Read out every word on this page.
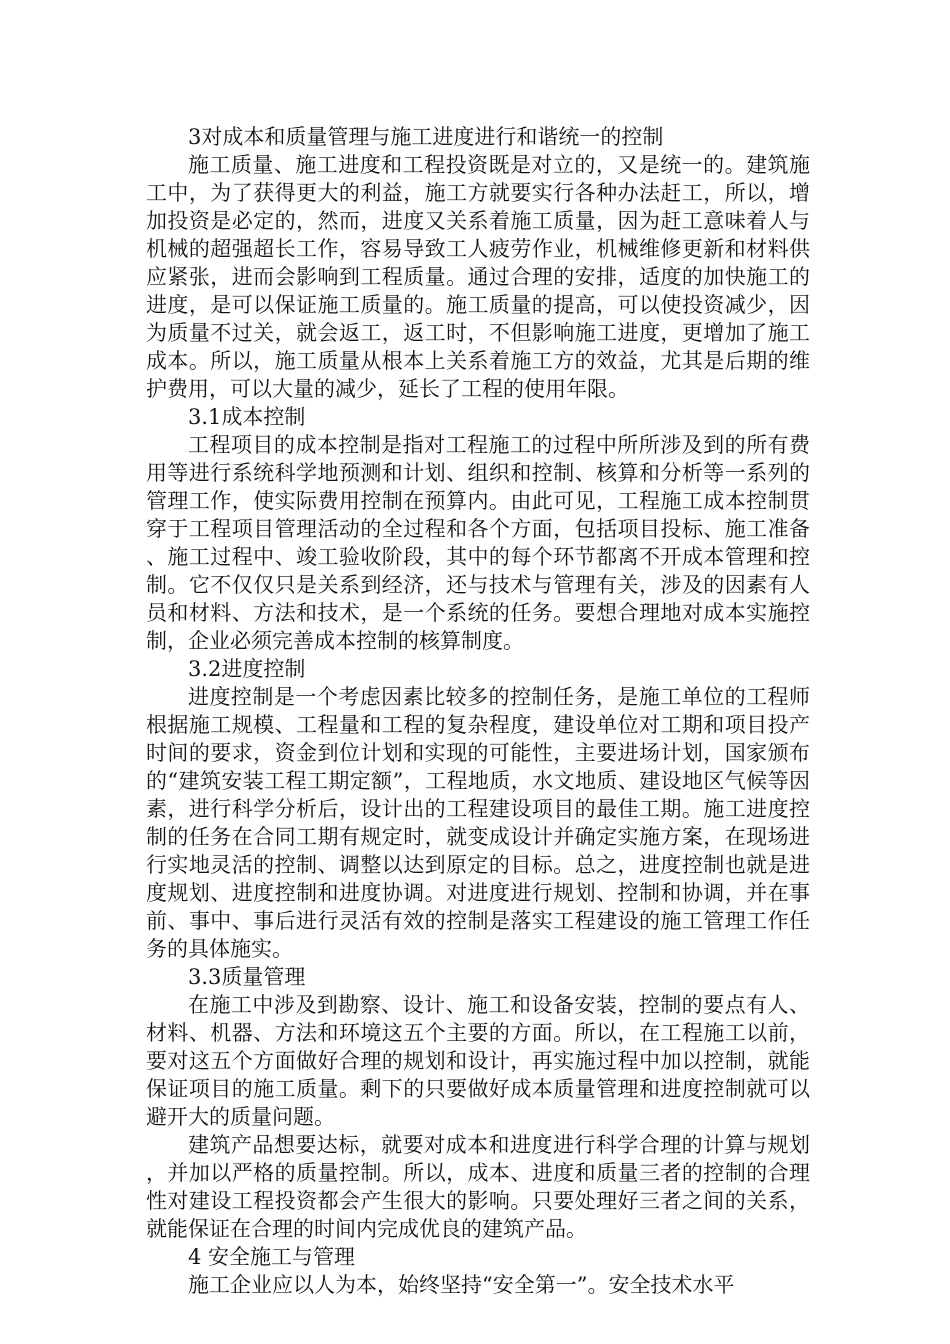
3对成本和质量管理与施工进度进行和谐统一的控制

施工质量、施工进度和工程投资既是对立的，又是统一的。建筑施工中，为了获得更大的利益，施工方就要实行各种办法赶工，所以，增加投资是必定的，然而，进度又关系着施工质量，因为赶工意味着人与机械的超强超长工作，容易导致工人疲劳作业，机械维修更新和材料供应紧张，进而会影响到工程质量。通过合理的安排，适度的加快施工的进度，是可以保证施工质量的。施工质量的提高，可以使投资减少，因为质量不过关，就会返工，返工时，不但影响施工进度，更增加了施工成本。所以，施工质量从根本上关系着施工方的效益，尤其是后期的维护费用，可以大量的减少，延长了工程的使用年限。

3.1成本控制

工程项目的成本控制是指对工程施工的过程中所所涉及到的所有费用等进行系统科学地预测和计划、组织和控制、核算和分析等一系列的管理工作，使实际费用控制在预算内。由此可见，工程施工成本控制贯穿于工程项目管理活动的全过程和各个方面，包括项目投标、施工准备、施工过程中、竣工验收阶段，其中的每个环节都离不开成本管理和控制。它不仅仅只是关系到经济，还与技术与管理有关，涉及的因素有人员和材料、方法和技术，是一个系统的任务。要想合理地对成本实施控制，企业必须完善成本控制的核算制度。

3.2进度控制

进度控制是一个考虑因素比较多的控制任务，是施工单位的工程师根据施工规模、工程量和工程的复杂程度，建设单位对工期和项目投产时间的要求，资金到位计划和实现的可能性，主要进场计划，国家颁布的“建筑安装工程工期定额”，工程地质，水文地质、建设地区气候等因素，进行科学分析后，设计出的工程建设项目的最佳工期。施工进度控制的任务在合同工期有规定时，就变成设计并确定实施方案，在现场进行实地灵活的控制、调整以达到原定的目标。总之，进度控制也就是进度规划、进度控制和进度协调。对进度进行规划、控制和协调，并在事前、事中、事后进行灵活有效的控制是落实工程建设的施工管理工作任务的具体施实。

3.3质量管理

在施工中涉及到勘察、设计、施工和设备安装，控制的要点有人、材料、机器、方法和环境这五个主要的方面。所以，在工程施工以前，要对这五个方面做好合理的规划和设计，再实施过程中加以控制，就能保证项目的施工质量。剩下的只要做好成本质量管理和进度控制就可以避开大的质量问题。

建筑产品想要达标，就要对成本和进度进行科学合理的计算与规划，并加以严格的质量控制。所以，成本、进度和质量三者的控制的合理性对建设工程投资都会产生很大的影响。只要处理好三者之间的关系，就能保证在合理的时间内完成优良的建筑产品。

4 安全施工与管理

施工企业应以人为本，始终坚持“安全第一”。安全技术水平
